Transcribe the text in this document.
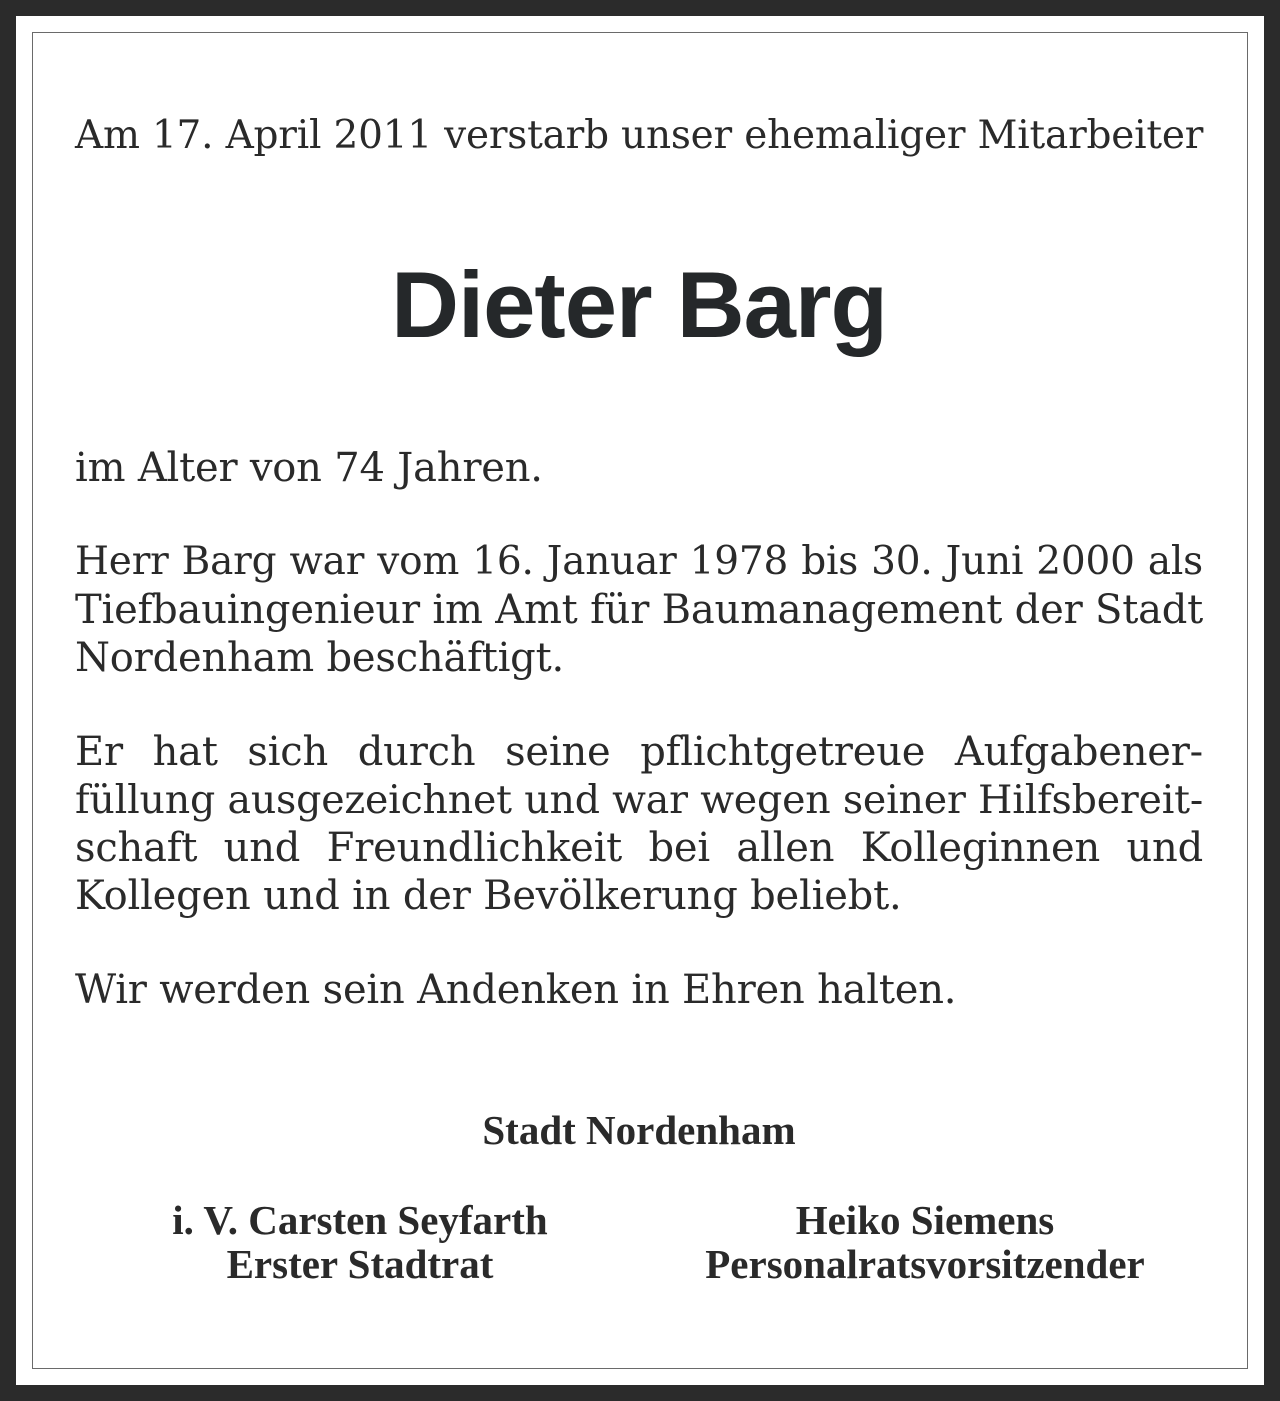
Am 17. April 2011 verstarb unser ehemaliger Mitarbeiter
Dieter Barg
im Alter von 74 Jahren.
Herr Barg war vom 16. Januar 1978 bis 30. Juni 2000 als
Tiefbauingenieur im Amt für Baumanagement der Stadt
Nordenham beschäftigt.
Er hat sich durch seine pflichtgetreue Aufgabener-
füllung ausgezeichnet und war wegen seiner Hilfsbereit-
schaft und Freundlichkeit bei allen Kolleginnen und
Kollegen und in der Bevölkerung beliebt.
Wir werden sein Andenken in Ehren halten.
Stadt Nordenham
i. V. Carsten Seyfarth
Erster Stadtrat
Heiko Siemens
Personalratsvorsitzender
